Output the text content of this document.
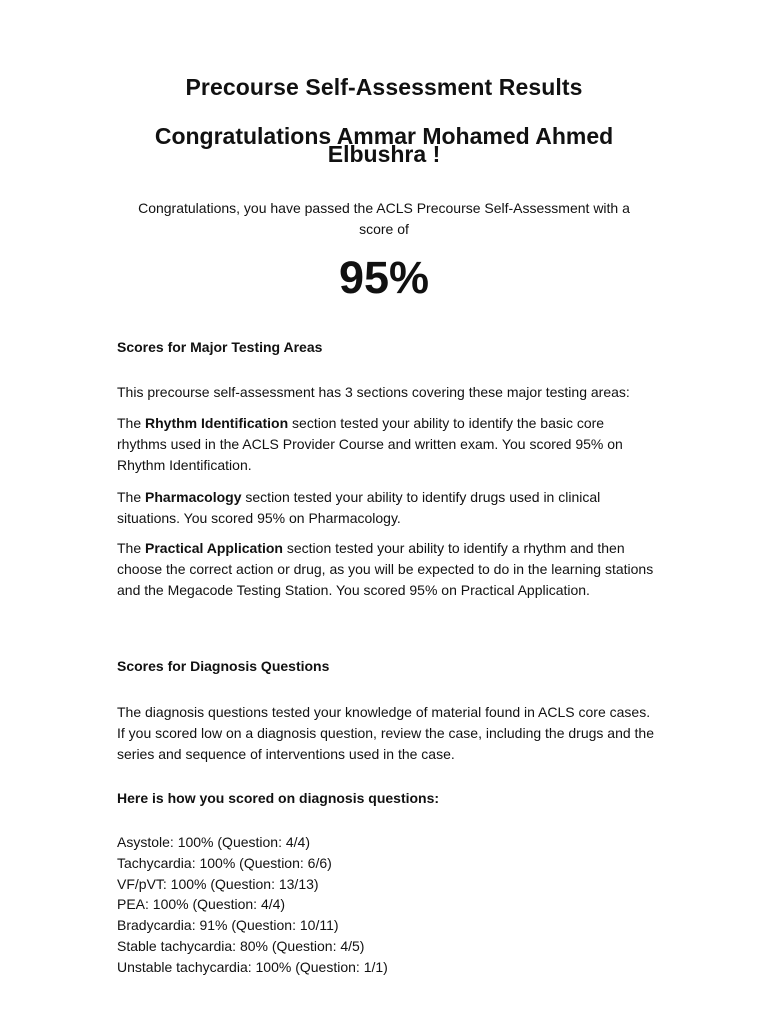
Precourse Self-Assessment Results
Congratulations Ammar Mohamed Ahmed Elbushra !
Congratulations, you have passed the ACLS Precourse Self-Assessment with a score of
95%
Scores for Major Testing Areas
This precourse self-assessment has 3 sections covering these major testing areas:
The Rhythm Identification section tested your ability to identify the basic core rhythms used in the ACLS Provider Course and written exam. You scored 95% on Rhythm Identification.
The Pharmacology section tested your ability to identify drugs used in clinical situations. You scored 95% on Pharmacology.
The Practical Application section tested your ability to identify a rhythm and then choose the correct action or drug, as you will be expected to do in the learning stations and the Megacode Testing Station. You scored 95% on Practical Application.
Scores for Diagnosis Questions
The diagnosis questions tested your knowledge of material found in ACLS core cases. If you scored low on a diagnosis question, review the case, including the drugs and the series and sequence of interventions used in the case.
Here is how you scored on diagnosis questions:
Asystole: 100% (Question: 4/4)
Tachycardia: 100% (Question: 6/6)
VF/pVT: 100% (Question: 13/13)
PEA: 100% (Question: 4/4)
Bradycardia: 91% (Question: 10/11)
Stable tachycardia: 80% (Question: 4/5)
Unstable tachycardia: 100% (Question: 1/1)
